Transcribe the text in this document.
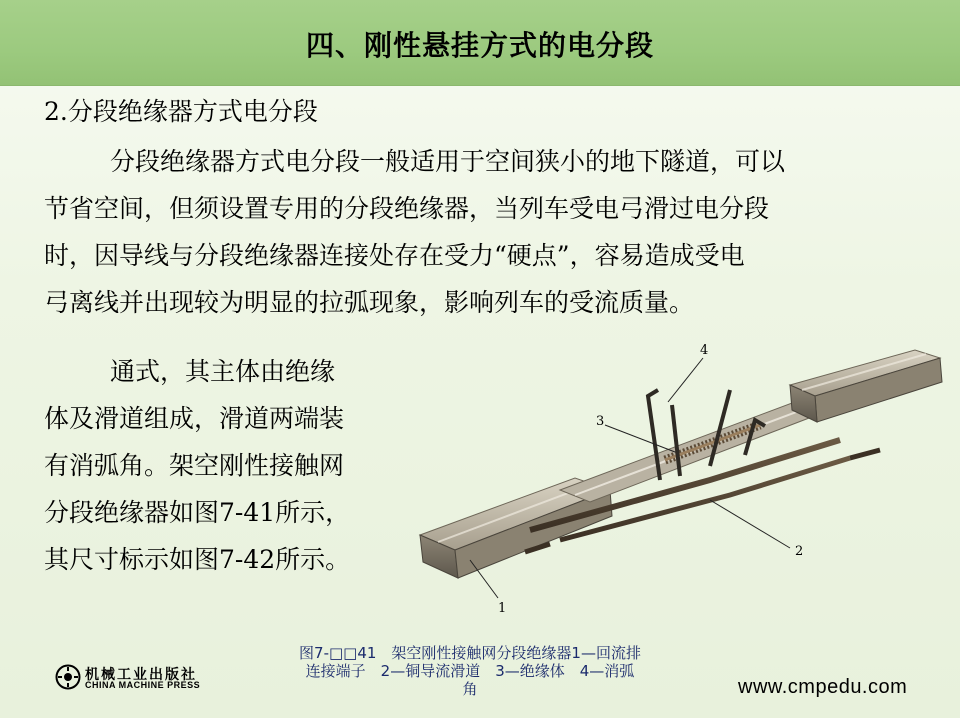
四、刚性悬挂方式的电分段
2.分段绝缘器方式电分段
分段绝缘器方式电分段一般适用于空间狭小的地下隧道，可以
节省空间，但须设置专用的分段绝缘器，当列车受电弓滑过电分段
时，因导线与分段绝缘器连接处存在受力“硬点”，容易造成受电
弓离线并出现较为明显的拉弧现象，影响列车的受流质量。
通式，其主体由绝缘
体及滑道组成，滑道两端装
有消弧角。架空刚性接触网
分段绝缘器如图7-41所示，
其尺寸标示如图7-42所示。
1
2
3
4
图7-□□41　架空刚性接触网分段绝缘器1—回流排
连接端子　2—铜导流滑道　3—绝缘体　4—消弧
角
机械工业出版社
CHINA MACHINE PRESS	www.cmpedu.com
